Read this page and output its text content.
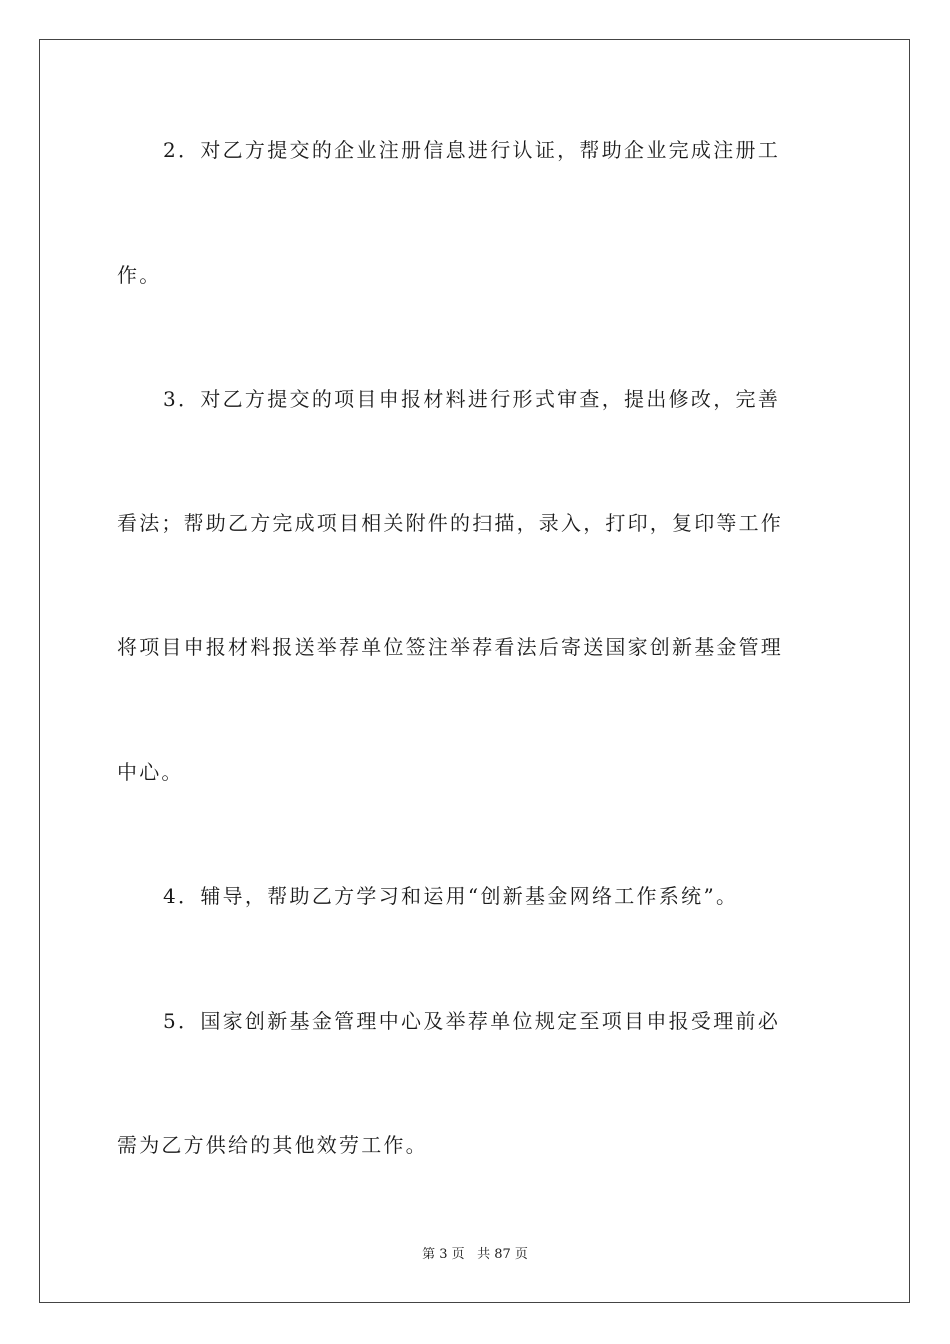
2．对乙方提交的企业注册信息进行认证，帮助企业完成注册工
作。
3．对乙方提交的项目申报材料进行形式审查，提出修改，完善
看法；帮助乙方完成项目相关附件的扫描，录入，打印，复印等工作
将项目申报材料报送举荐单位签注举荐看法后寄送国家创新基金管理
中心。
4．辅导，帮助乙方学习和运用“创新基金网络工作系统”。
5．国家创新基金管理中心及举荐单位规定至项目申报受理前必
需为乙方供给的其他效劳工作。
第 3 页 共 87 页
